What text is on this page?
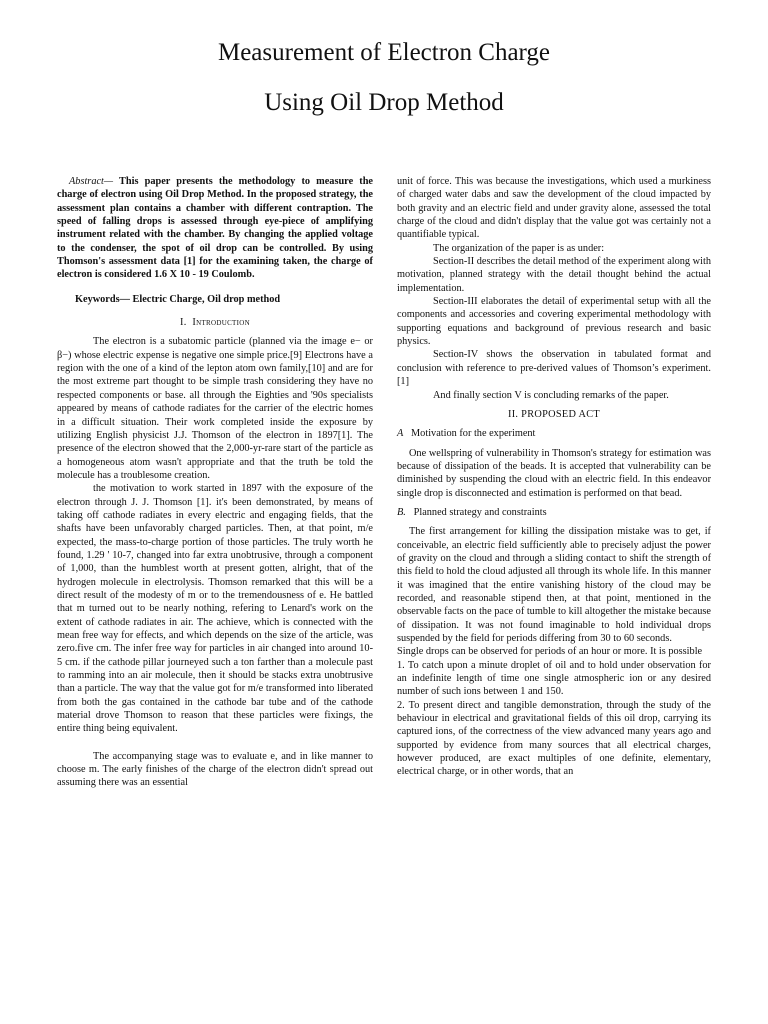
Measurement of Electron Charge
Using Oil Drop Method

Abstract— This paper presents the methodology to measure the charge of electron using Oil Drop Method. In the proposed strategy, the assessment plan contains a chamber with different contraption. The speed of falling drops is assessed through eye-piece of amplifying instrument related with the chamber. By changing the applied voltage to the condenser, the spot of oil drop can be controlled. By using Thomson's assessment data [1] for the examining taken, the charge of electron is considered 1.6 X 10 - 19 Coulomb.

Keywords— Electric Charge, Oil drop method

I. Introduction

The electron is a subatomic particle (planned via the image e− or β−) whose electric expense is negative one simple price.[9] Electrons have a region with the one of a kind of the lepton atom own family,[10] and are for the most extreme part thought to be simple trash considering they have no respected components or base. all through the Eighties and '90s specialists appeared by means of cathode radiates for the carrier of the electric homes in a difficult situation. Their work completed inside the exposure by utilizing English physicist J.J. Thomson of the electron in 1897[1]. The presence of the electron showed that the 2,000-yr-rare start of the particle as a homogeneous atom wasn't appropriate and that the truth be told the molecule has a troublesome creation.

the motivation to work started in 1897 with the exposure of the electron through J. J. Thomson [1]. it's been demonstrated, by means of taking off cathode radiates in every electric and engaging fields, that the shafts have been unfavorably charged particles. Then, at that point, m/e expected, the mass-to-charge portion of those particles. The truly worth he found, 1.29 ' 10-7, changed into far extra unobtrusive, through a component of 1,000, than the humblest worth at present gotten, alright, that of the hydrogen molecule in electrolysis. Thomson remarked that this will be a direct result of the modesty of m or to the tremendousness of e. He battled that m turned out to be nearly nothing, refering to Lenard's work on the extent of cathode radiates in air. The achieve, which is connected with the mean free way for effects, and which depends on the size of the article, was zero.five cm. The infer free way for particles in air changed into around 10-5 cm. if the cathode pillar journeyed such a ton farther than a molecule past to ramming into an air molecule, then it should be stacks extra unobtrusive than a particle. The way that the value got for m/e transformed into liberated from both the gas contained in the cathode bar tube and of the cathode material drove Thomson to reason that these particles were fixings, the entire thing being equivalent.

The accompanying stage was to evaluate e, and in like manner to choose m. The early finishes of the charge of the electron didn't spread out assuming there was an essential

unit of force. This was because the investigations, which used a murkiness of charged water dabs and saw the development of the cloud impacted by both gravity and an electric field and under gravity alone, assessed the total charge of the cloud and didn't display that the value got was certainly not a quantifiable typical.

The organization of the paper is as under:

Section-II describes the detail method of the experiment along with motivation, planned strategy with the detail thought behind the actual implementation.

Section-III elaborates the detail of experimental setup with all the components and accessories and covering experimental methodology with supporting equations and background of previous research and basic physics.

Section-IV shows the observation in tabulated format and conclusion with reference to pre-derived values of Thomson’s experiment. [1]

And finally section V is concluding remarks of the paper.

II. PROPOSED ACT

A Motivation for the experiment

One wellspring of vulnerability in Thomson's strategy for estimation was because of dissipation of the beads. It is accepted that vulnerability can be diminished by suspending the cloud with an electric field. In this endeavor single drop is disconnected and estimation is performed on that bead.

B. Planned strategy and constraints

The first arrangement for killing the dissipation mistake was to get, if conceivable, an electric field sufficiently able to precisely adjust the power of gravity on the cloud and through a sliding contact to shift the strength of this field to hold the cloud adjusted all through its whole life. In this manner it was imagined that the entire vanishing history of the cloud may be recorded, and reasonable stipend then, at that point, mentioned in the observable facts on the pace of tumble to kill altogether the mistake because of dissipation. It was not found imaginable to hold individual drops suspended by the field for periods differing from 30 to 60 seconds.

Single drops can be observed for periods of an hour or more. It is possible

1. To catch upon a minute droplet of oil and to hold under observation for an indefinite length of time one single atmospheric ion or any desired number of such ions between 1 and 150.

2. To present direct and tangible demonstration, through the study of the behaviour in electrical and gravitational fields of this oil drop, carrying its captured ions, of the correctness of the view advanced many years ago and supported by evidence from many sources that all electrical charges, however produced, are exact multiples of one definite, elementary, electrical charge, or in other words, that an
